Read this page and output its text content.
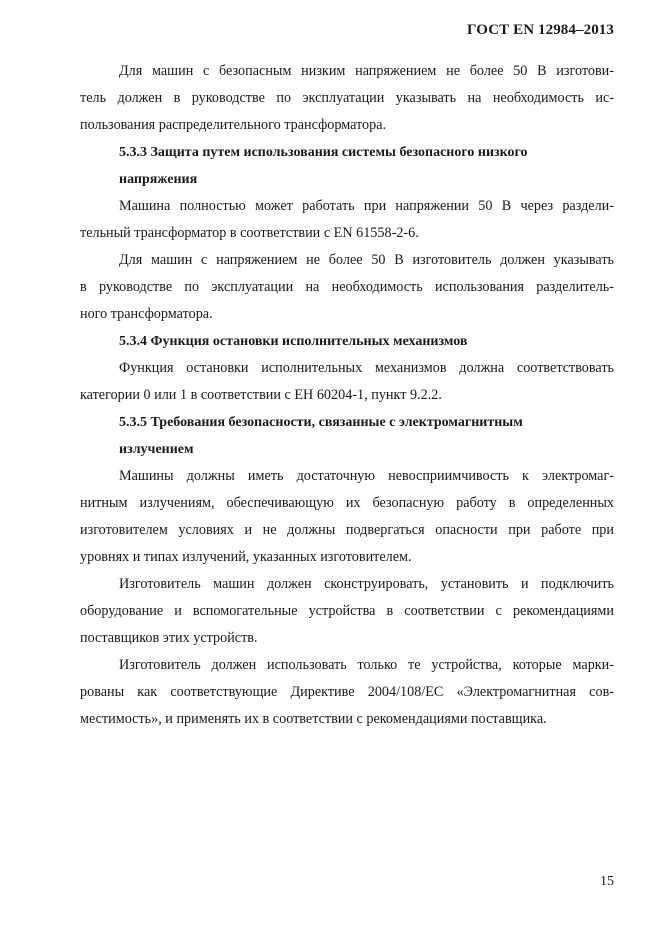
ГОСТ EN 12984–2013
Для машин с безопасным низким напряжением не более 50 В изготови-
тель должен в руководстве по эксплуатации указывать на необходимость ис-
пользования распределительного трансформатора.
5.3.3 Защита путем использования системы безопасного низкого
напряжения
Машина полностью может работать при напряжении 50 В через раздели-
тельный трансформатор в соответствии с EN 61558-2-6.
Для машин с напряжением не более 50 В изготовитель должен указывать
в руководстве по эксплуатации на необходимость использования разделитель-
ного трансформатора.
5.3.4 Функция остановки исполнительных механизмов
Функция остановки исполнительных механизмов должна соответствовать
категории 0 или 1 в соответствии с ЕН 60204-1, пункт 9.2.2.
5.3.5 Требования безопасности, связанные с электромагнитным
излучением
Машины должны иметь достаточную невосприимчивость к электромаг-
нитным излучениям, обеспечивающую их безопасную работу в определенных
изготовителем условиях и не должны подвергаться опасности при работе при
уровнях и типах излучений, указанных изготовителем.
Изготовитель машин должен сконструировать, установить и подключить
оборудование и вспомогательные устройства в соответствии с рекомендациями
поставщиков этих устройств.
Изготовитель должен использовать только те устройства, которые марки-
рованы как соответствующие Директиве 2004/108/EC «Электромагнитная сов-
местимость», и применять их в соответствии с рекомендациями поставщика.
15
